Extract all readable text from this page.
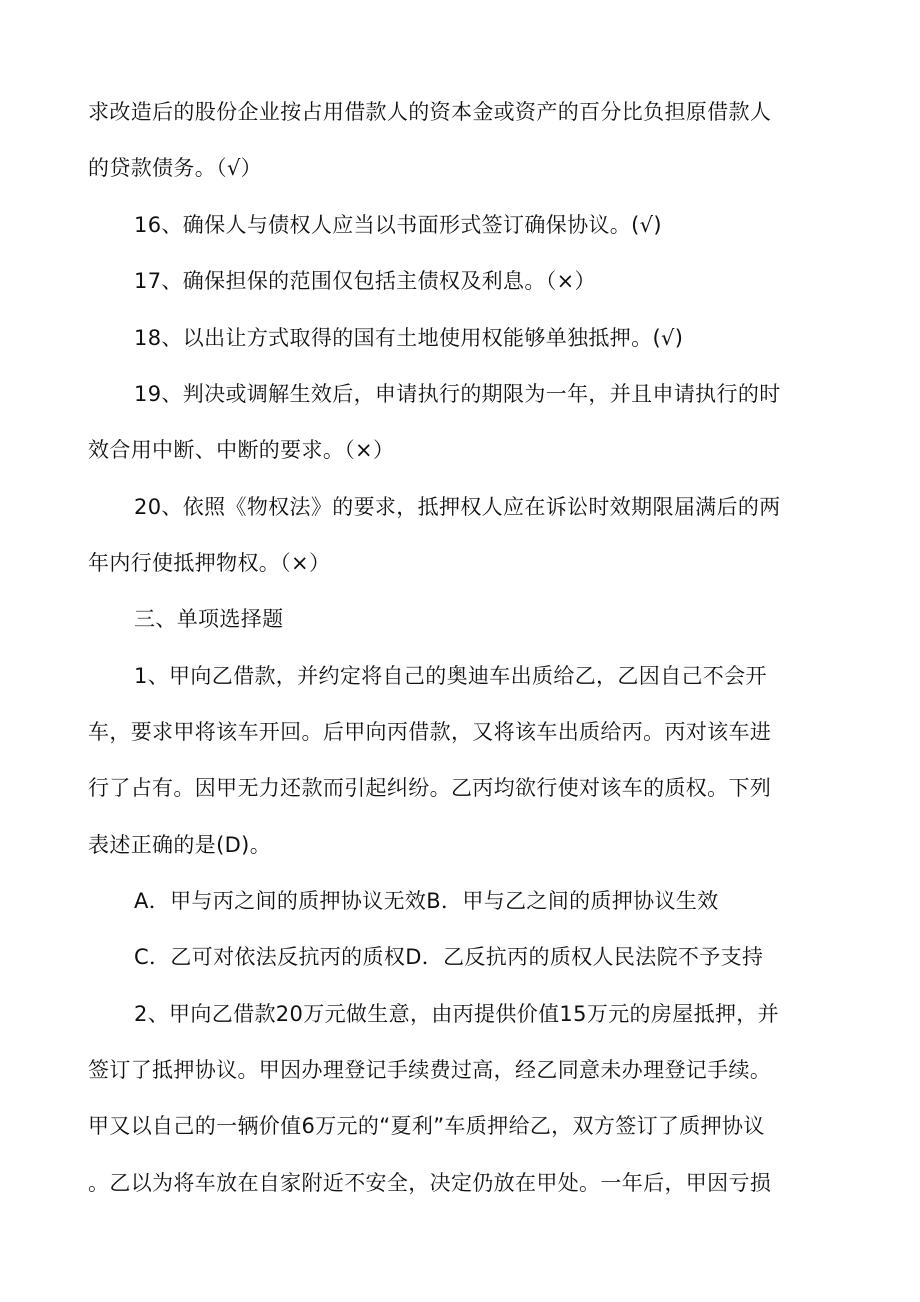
求改造后的股份企业按占用借款人的资本金或资产的百分比负担原借款人
的贷款债务。（√）
16、确保人与债权人应当以书面形式签订确保协议。(√)
17、确保担保的范围仅包括主债权及利息。（×）
18、以出让方式取得的国有土地使用权能够单独抵押。(√)
19、判决或调解生效后，申请执行的期限为一年，并且申请执行的时
效合用中断、中断的要求。（×）
20、依照《物权法》的要求，抵押权人应在诉讼时效期限届满后的两
年内行使抵押物权。（×）
三、单项选择题
1、甲向乙借款，并约定将自己的奥迪车出质给乙，乙因自己不会开
车，要求甲将该车开回。后甲向丙借款，又将该车出质给丙。丙对该车进
行了占有。因甲无力还款而引起纠纷。乙丙均欲行使对该车的质权。下列
表述正确的是(D)。
A．甲与丙之间的质押协议无效B．甲与乙之间的质押协议生效
C．乙可对依法反抗丙的质权D．乙反抗丙的质权人民法院不予支持
2、甲向乙借款20万元做生意，由丙提供价值15万元的房屋抵押，并
签订了抵押协议。甲因办理登记手续费过高，经乙同意未办理登记手续。
甲又以自己的一辆价值6万元的“夏利”车质押给乙，双方签订了质押协议
。乙以为将车放在自家附近不安全，决定仍放在甲处。一年后，甲因亏损
